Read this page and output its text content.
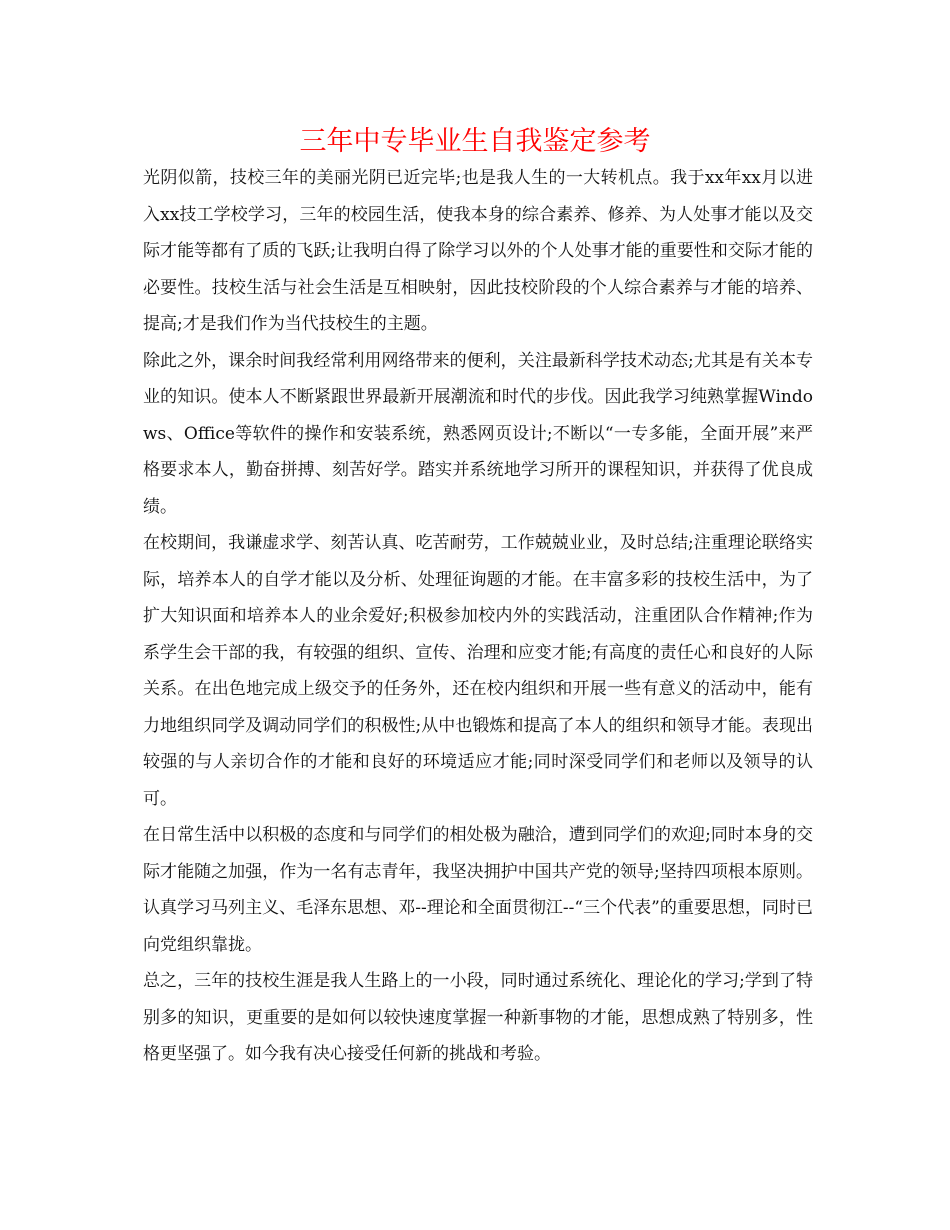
三年中专毕业生自我鉴定参考

光阴似箭，技校三年的美丽光阴已近完毕;也是我人生的一大转机点。我于xx年xx月以进入xx技工学校学习，三年的校园生活，使我本身的综合素养、修养、为人处事才能以及交际才能等都有了质的飞跃;让我明白得了除学习以外的个人处事才能的重要性和交际才能的必要性。技校生活与社会生活是互相映射，因此技校阶段的个人综合素养与才能的培养、提高;才是我们作为当代技校生的主题。

除此之外，课余时间我经常利用网络带来的便利，关注最新科学技术动态;尤其是有关本专业的知识。使本人不断紧跟世界最新开展潮流和时代的步伐。因此我学习纯熟掌握Windows、Office等软件的操作和安装系统，熟悉网页设计;不断以“一专多能，全面开展”来严格要求本人，勤奋拼搏、刻苦好学。踏实并系统地学习所开的课程知识，并获得了优良成绩。

在校期间，我谦虚求学、刻苦认真、吃苦耐劳，工作兢兢业业，及时总结;注重理论联络实际，培养本人的自学才能以及分析、处理征询题的才能。在丰富多彩的技校生活中，为了扩大知识面和培养本人的业余爱好;积极参加校内外的实践活动，注重团队合作精神;作为系学生会干部的我，有较强的组织、宣传、治理和应变才能;有高度的责任心和良好的人际关系。在出色地完成上级交予的任务外，还在校内组织和开展一些有意义的活动中，能有力地组织同学及调动同学们的积极性;从中也锻炼和提高了本人的组织和领导才能。表现出较强的与人亲切合作的才能和良好的环境适应才能;同时深受同学们和老师以及领导的认可。

在日常生活中以积极的态度和与同学们的相处极为融洽，遭到同学们的欢迎;同时本身的交际才能随之加强，作为一名有志青年，我坚决拥护中国共产党的领导;坚持四项根本原则。认真学习马列主义、毛泽东思想、邓--理论和全面贯彻江--“三个代表”的重要思想，同时已向党组织靠拢。

总之，三年的技校生涯是我人生路上的一小段，同时通过系统化、理论化的学习;学到了特别多的知识，更重要的是如何以较快速度掌握一种新事物的才能，思想成熟了特别多，性格更坚强了。如今我有决心接受任何新的挑战和考验。
